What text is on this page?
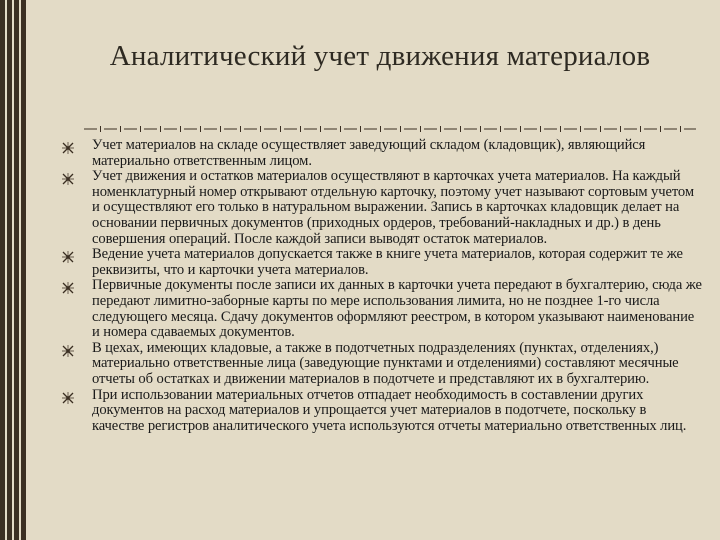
Аналитический учет движения материалов
Учет материалов на складе осуществляет заведующий складом (кладовщик), являющийся материально ответственным лицом.
Учет движения и остатков материалов осуществляют в карточках учета материалов. На каждый номенклатурный номер открывают отдельную карточку, поэтому учет называют сортовым учетом и осуществляют его только в натуральном выражении. Запись в карточках кладовщик делает на основании первичных документов (приходных ордеров, требований-накладных и др.) в день совершения операций. После каждой записи выводят остаток материалов.
Ведение учета материалов допускается также в книге учета материалов, которая содержит те же реквизиты, что и карточки учета материалов.
Первичные документы после записи их данных в карточки учета передают в бухгалтерию, сюда же передают лимитно-заборные карты по мере использования лимита, но не позднее 1-го числа следующего месяца. Сдачу документов оформляют реестром, в котором указывают наименование и номера сдаваемых документов.
В цехах, имеющих кладовые, а также в подотчетных подразделениях (пунктах, отделениях,) материально ответственные лица (заведующие пунктами и отделениями) составляют месячные отчеты об остатках и движении материалов в подотчете и представляют их в бухгалтерию.
При использовании материальных отчетов отпадает необходимость в составлении других документов на расход материалов и упрощается учет материалов в подотчете, поскольку в качестве регистров аналитического учета используются отчеты материально ответственных лиц.
